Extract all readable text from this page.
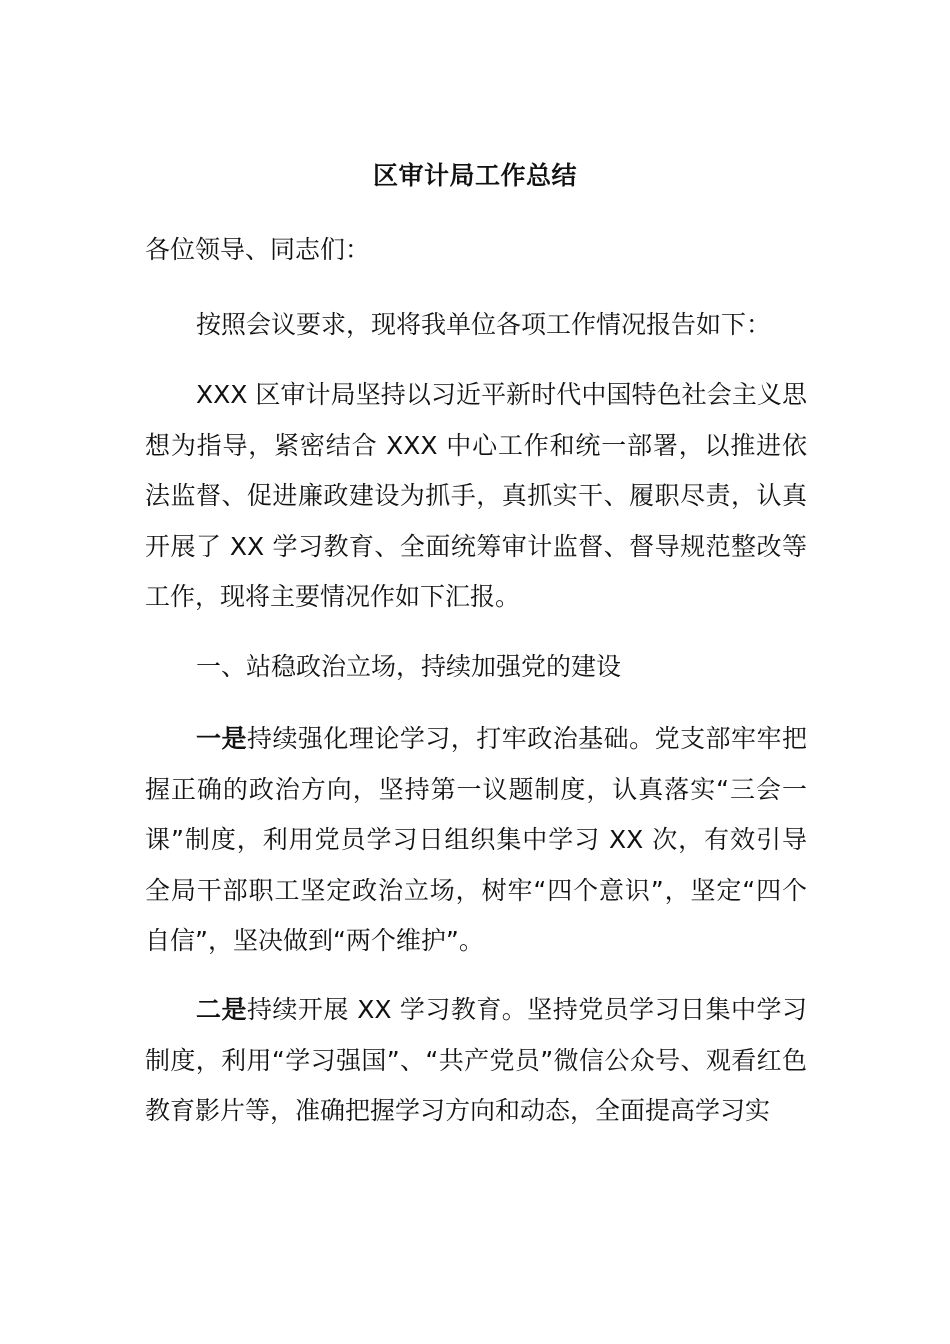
区审计局工作总结

各位领导、同志们：

按照会议要求，现将我单位各项工作情况报告如下：

XXX 区审计局坚持以习近平新时代中国特色社会主义思想为指导，紧密结合 XXX 中心工作和统一部署，以推进依法监督、促进廉政建设为抓手，真抓实干、履职尽责，认真开展了 XX 学习教育、全面统筹审计监督、督导规范整改等工作，现将主要情况作如下汇报。

一、站稳政治立场，持续加强党的建设

一是持续强化理论学习，打牢政治基础。党支部牢牢把握正确的政治方向，坚持第一议题制度，认真落实“三会一课”制度，利用党员学习日组织集中学习 XX 次，有效引导全局干部职工坚定政治立场，树牢“四个意识”，坚定“四个自信”，坚决做到“两个维护”。

二是持续开展 XX 学习教育。坚持党员学习日集中学习制度，利用“学习强国”、“共产党员”微信公众号、观看红色教育影片等，准确把握学习方向和动态，全面提高学习实
